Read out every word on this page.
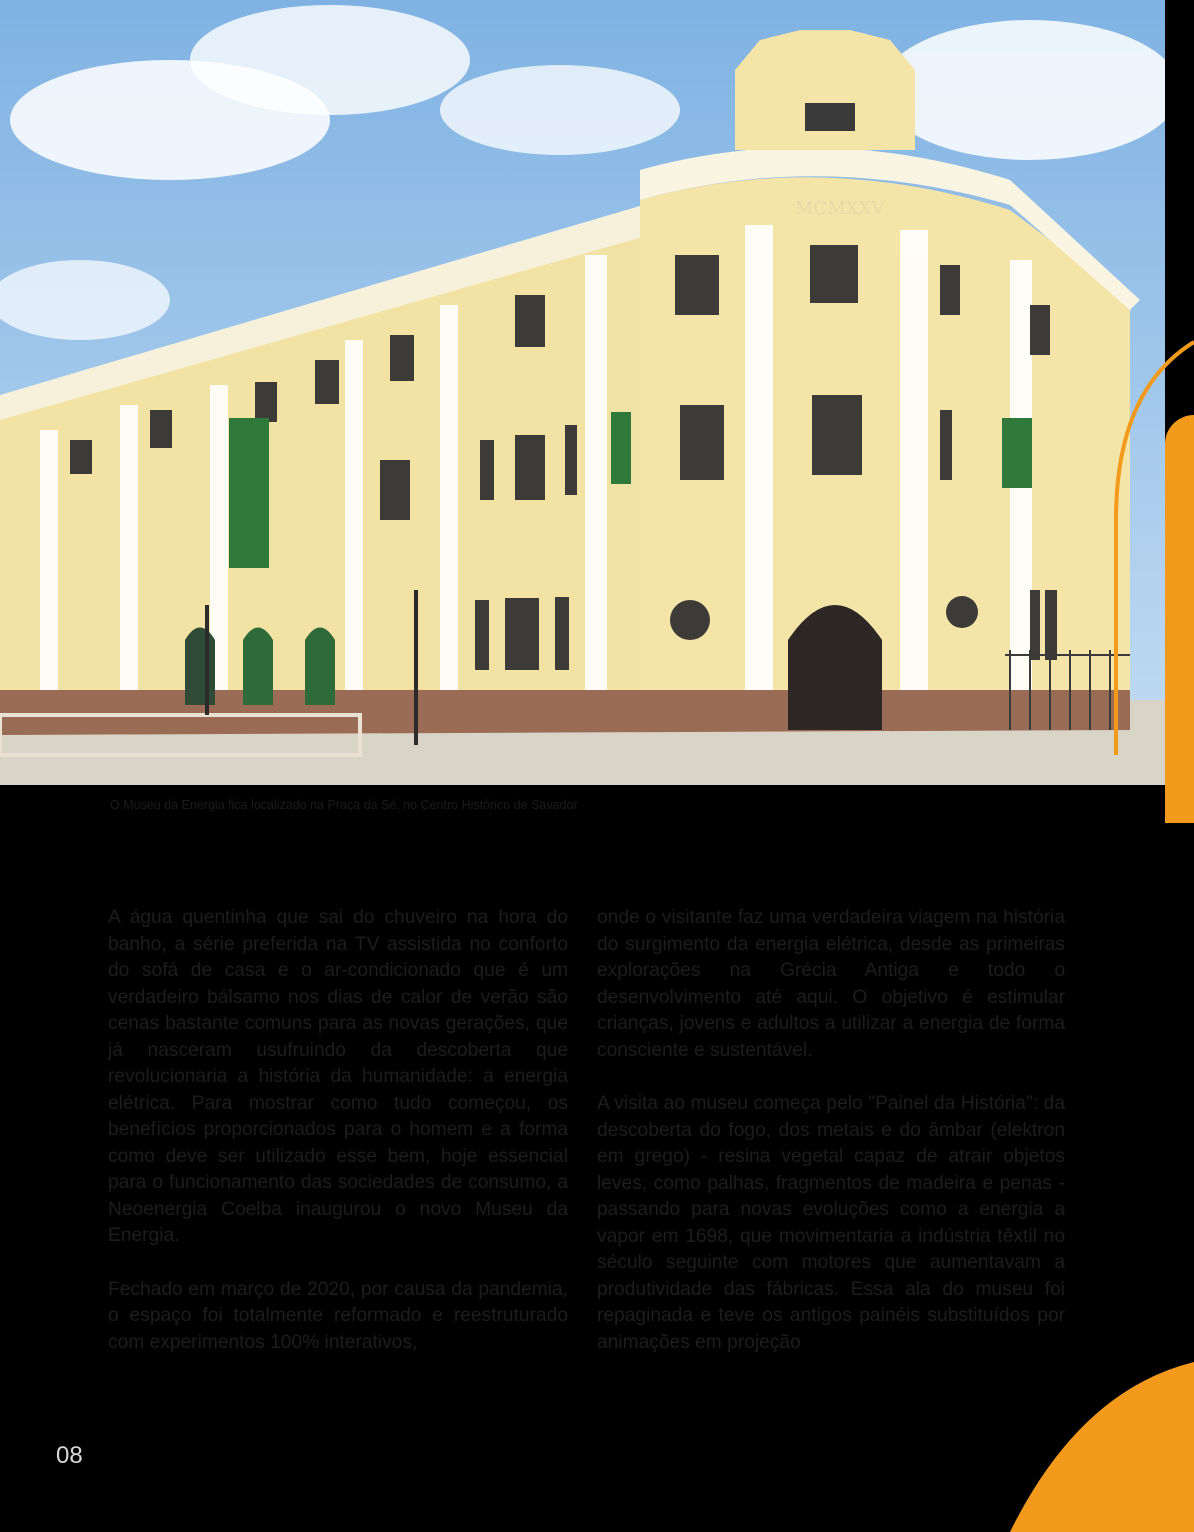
MCMXXV
O Museu da Energia fica localizado na Praça da Sé, no Centro Histórico de Savador

A água quentinha que sai do chuveiro na hora do banho, a série preferida na TV assistida no conforto do sofá de casa e o ar-condicionado que é um verdadeiro bálsamo nos dias de calor de verão são cenas bastante comuns para as novas gerações, que já nasceram usufruindo da descoberta que revolucionaria a história da humanidade: a energia elétrica. Para mostrar como tudo começou, os benefícios proporcionados para o homem e a forma como deve ser utilizado esse bem, hoje essencial para o funcionamento das sociedades de consumo, a Neoenergia Coelba inaugurou o novo Museu da Energia.

Fechado em março de 2020, por causa da pandemia, o espaço foi totalmente reformado e reestruturado com experimentos 100% interativos,

onde o visitante faz uma verdadeira viagem na história do surgimento da energia elétrica, desde as primeiras explorações na Grécia Antiga e todo o desenvolvimento até aqui. O objetivo é estimular crianças, jovens e adultos a utilizar a energia de forma consciente e sustentável.

A visita ao museu começa pelo "Painel da História": da descoberta do fogo, dos metais e do âmbar (elektron em grego) - resina vegetal capaz de atrair objetos leves, como palhas, fragmentos de madeira e penas - passando para novas evoluções como a energia a vapor em 1698, que movimentaria a indústria têxtil no século seguinte com motores que aumentavam a produtividade das fábricas. Essa ala do museu foi repaginada e teve os antigos painéis substituídos por animações em projeção

08
